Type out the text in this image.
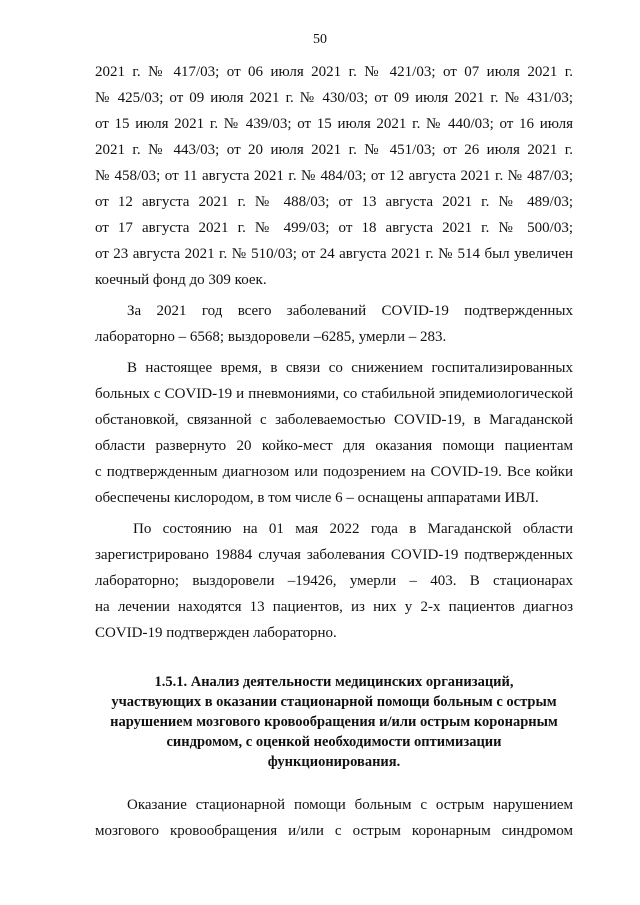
50
2021 г. № 417/03; от 06 июля 2021 г. № 421/03; от 07 июля 2021 г.
№ 425/03; от 09 июля 2021 г. № 430/03; от 09 июля 2021 г. № 431/03;
от 15 июля 2021 г. № 439/03; от 15 июля 2021 г. № 440/03; от 16 июля
2021 г. № 443/03; от 20 июля 2021 г. № 451/03; от 26 июля 2021 г.
№ 458/03; от 11 августа 2021 г. № 484/03; от 12 августа 2021 г. № 487/03;
от 12 августа 2021 г. № 488/03; от 13 августа 2021 г. № 489/03;
от 17 августа 2021 г. № 499/03; от 18 августа 2021 г. № 500/03;
от 23 августа 2021 г. № 510/03; от 24 августа 2021 г. № 514 был увеличен
коечный фонд до 309 коек.
За 2021 год всего заболеваний COVID-19 подтвержденных
лабораторно – 6568; выздоровели –6285, умерли – 283.
В настоящее время, в связи со снижением госпитализированных
больных с COVID-19 и пневмониями, со стабильной эпидемиологической
обстановкой, связанной с заболеваемостью COVID-19, в Магаданской
области развернуто 20 койко-мест для оказания помощи пациентам
с подтвержденным диагнозом или подозрением на COVID-19. Все койки
обеспечены кислородом, в том числе 6 – оснащены аппаратами ИВЛ.
По состоянию на 01 мая 2022 года в Магаданской области
зарегистрировано 19884 случая заболевания COVID-19 подтвержденных
лабораторно; выздоровели –19426, умерли – 403. В стационарах
на лечении находятся 13 пациентов, из них у 2-х пациентов диагноз
COVID-19 подтвержден лабораторно.
1.5.1. Анализ деятельности медицинских организаций,
участвующих в оказании стационарной помощи больным с острым
нарушением мозгового кровообращения и/или острым коронарным
синдромом, с оценкой необходимости оптимизации
функционирования.
Оказание стационарной помощи больным с острым нарушением
мозгового кровообращения и/или с острым коронарным синдромом
